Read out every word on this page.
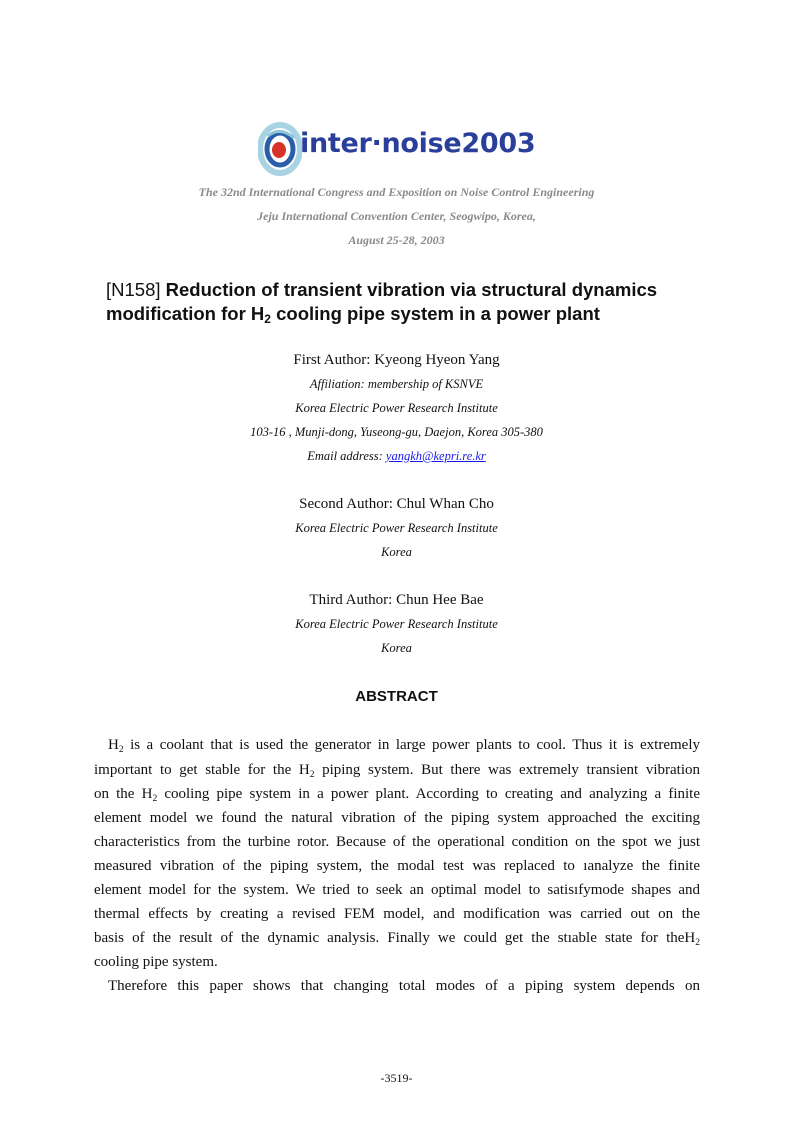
inter·noise2003
The 32nd International Congress and Exposition on Noise Control Engineering
Jeju International Convention Center, Seogwipo, Korea,
August 25-28, 2003
[N158] Reduction of transient vibration via structural dynamics
modification for $H_2$ cooling pipe system in a power plant
First Author: Kyeong Hyeon Yang
Affiliation: membership of KSNVE
Korea Electric Power Research Institute
103-16 , Munji-dong, Yuseong-gu, Daejon, Korea 305-380
Email address: yangkh@kepri.re.kr
Second Author: Chul Whan Cho
Korea Electric Power Research Institute
Korea
Third Author: Chun Hee Bae
Korea Electric Power Research Institute
Korea
ABSTRACT
$H_2$ is a coolant that is used the generator in large power plants to cool. Thus it is extremely
important to get stable for the $H_2$ piping system. But there was extremely transient vibration
on the $H_2$ cooling pipe system in a power plant. According to creating and analyzing a finite
element model we found the natural vibration of the piping system approached the exciting
characteristics from the turbine rotor. Because of the operational condition on the spot we just
measured vibration of the piping system, the modal test was replaced to ıanalyze the finite
element model for the system. We tried to seek an optimal model to satisıfymode shapes and
thermal effects by creating a revised FEM model, and modification was carried out on the
basis of the result of the dynamic analysis. Finally we could get the stıable state for theH$_2$
cooling pipe system.
Therefore this paper shows that changing total modes of a piping system depends on
-3519-
